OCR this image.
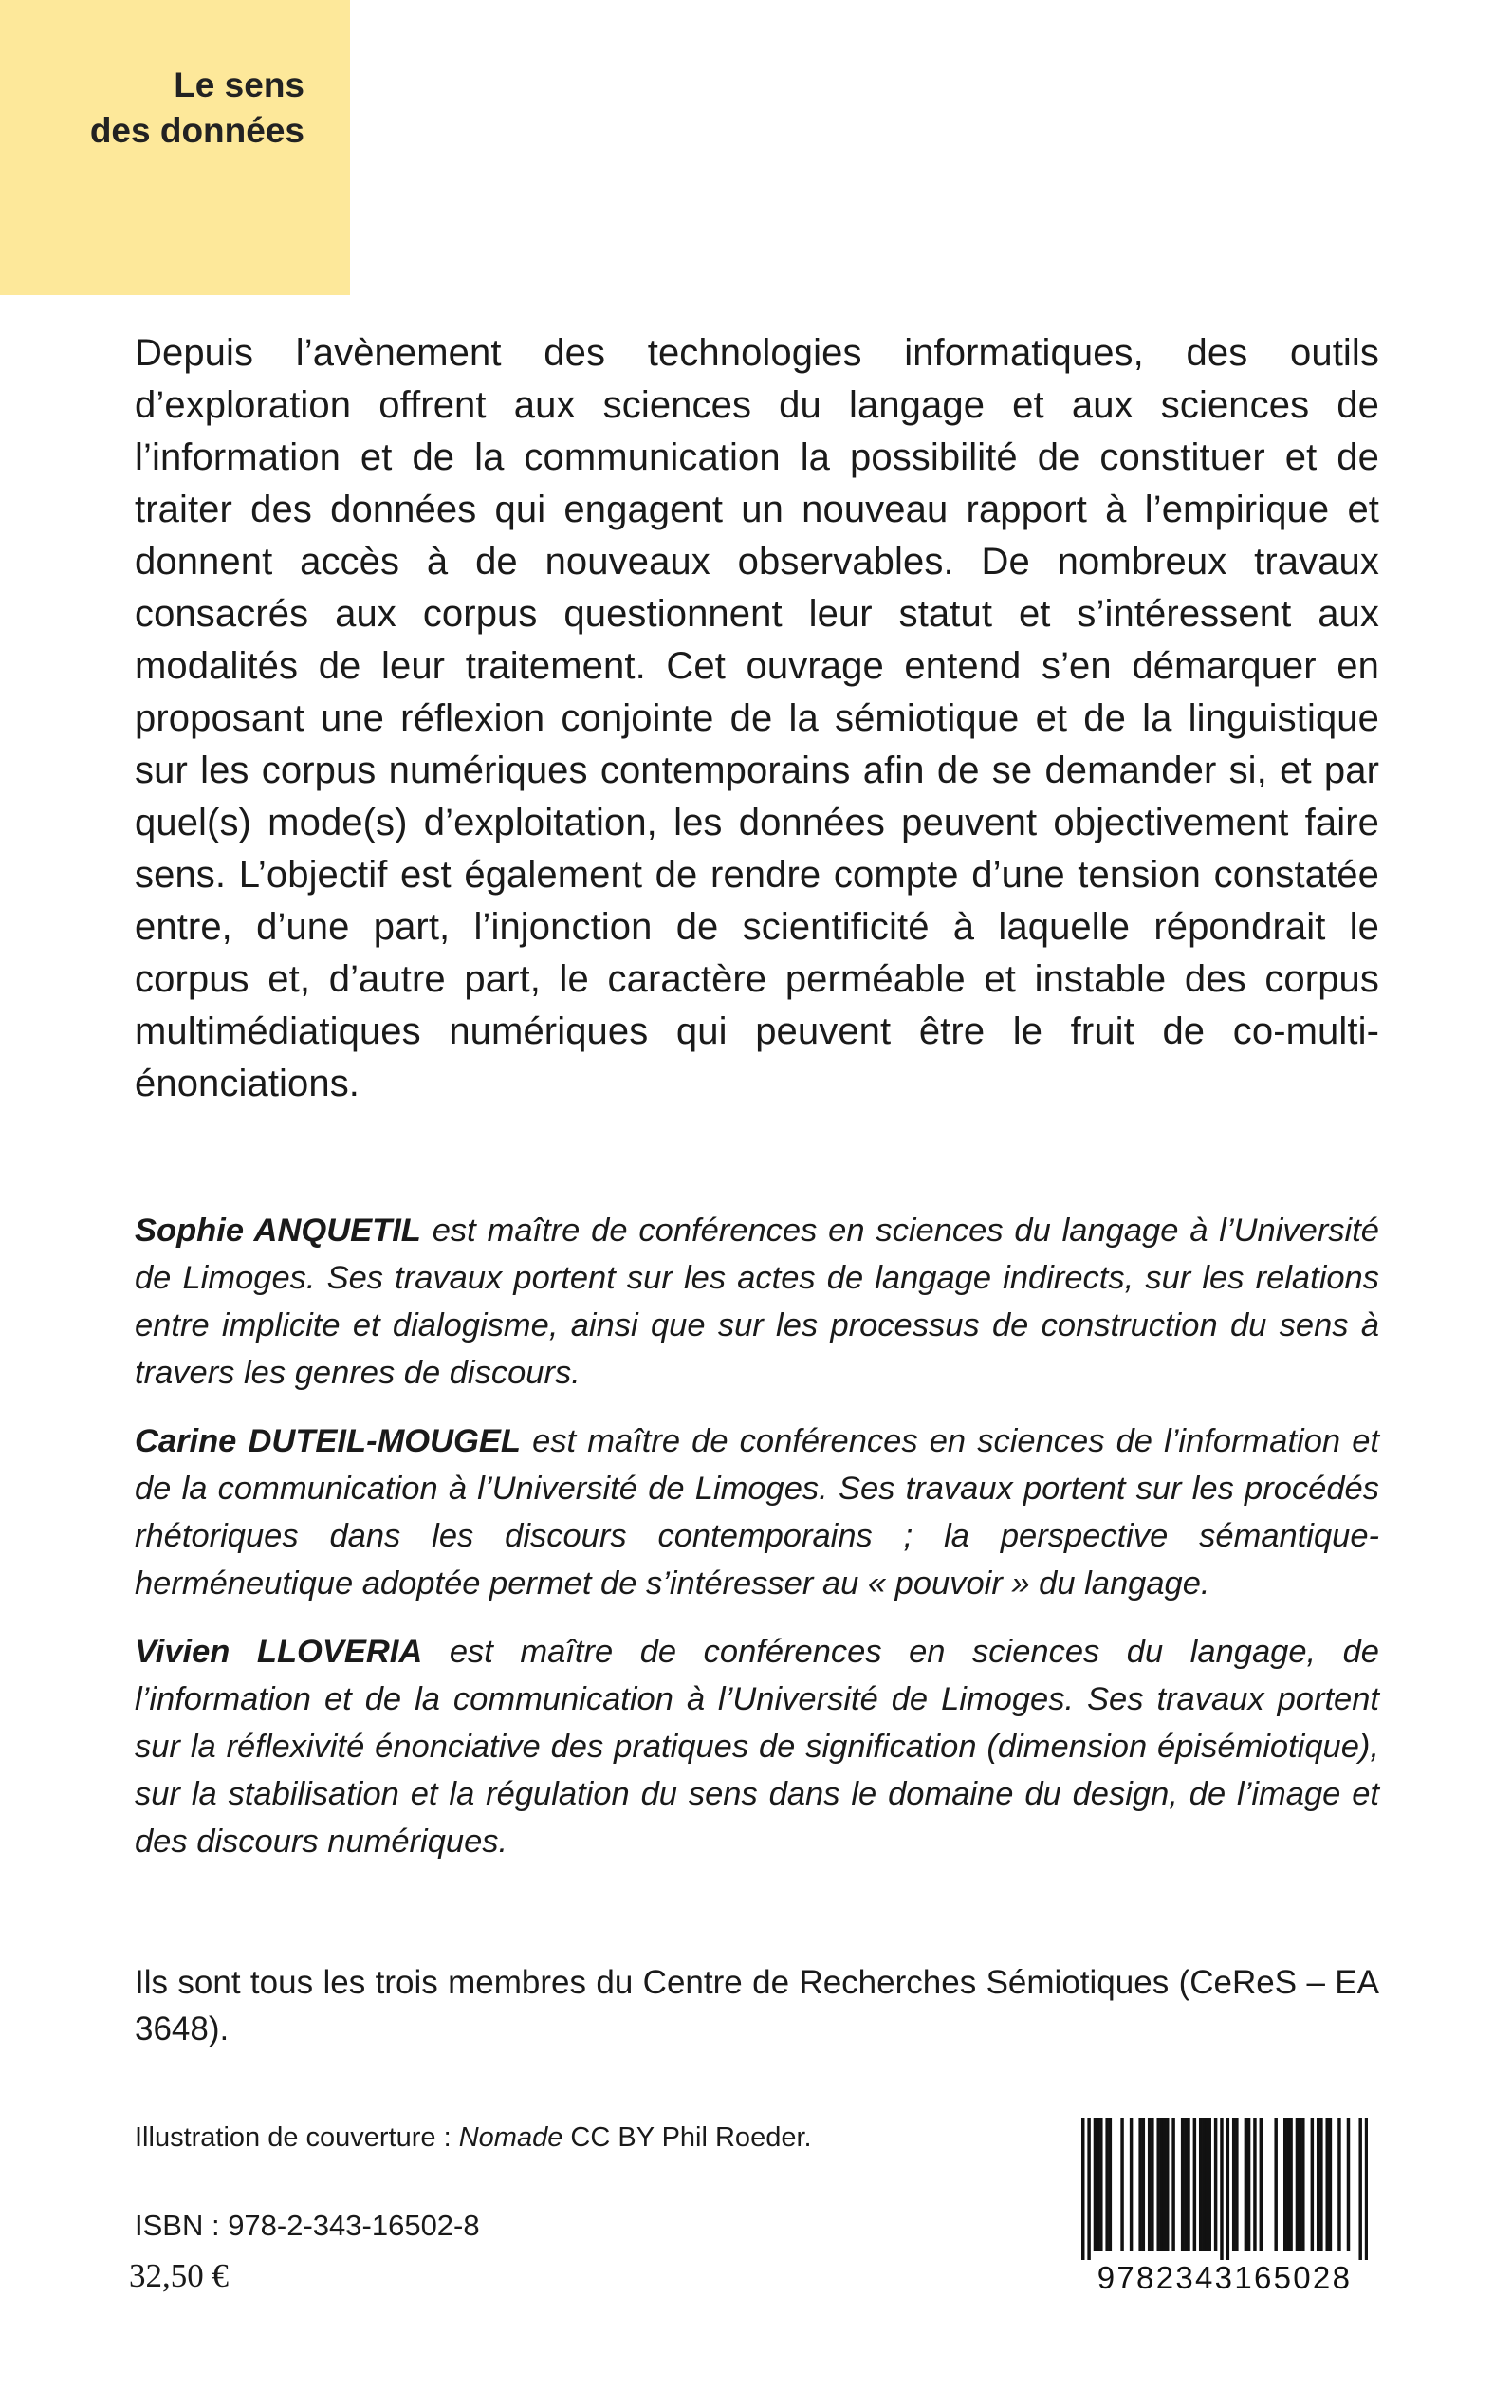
Le sens
des données

Depuis l’avènement des technologies informatiques, des outils d’exploration offrent aux sciences du langage et aux sciences de l’information et de la communication la possibilité de constituer et de traiter des données qui engagent un nouveau rapport à l’empirique et donnent accès à de nouveaux observables. De nombreux travaux consacrés aux corpus questionnent leur statut et s’intéressent aux modalités de leur traitement. Cet ouvrage entend s’en démarquer en proposant une réflexion conjointe de la sémiotique et de la linguistique sur les corpus numériques contemporains afin de se demander si, et par quel(s) mode(s) d’exploitation, les données peuvent objectivement faire sens. L’objectif est également de rendre compte d’une tension constatée entre, d’une part, l’injonction de scientificité à laquelle répondrait le corpus et, d’autre part, le caractère perméable et instable des corpus multimédiatiques numériques qui peuvent être le fruit de co-multi-énonciations.

Sophie ANQUETIL est maître de conférences en sciences du langage à l’Université de Limoges. Ses travaux portent sur les actes de langage indirects, sur les relations entre implicite et dialogisme, ainsi que sur les processus de construction du sens à travers les genres de discours.

Carine DUTEIL-MOUGEL est maître de conférences en sciences de l’information et de la communication à l’Université de Limoges. Ses travaux portent sur les procédés rhétoriques dans les discours contemporains ; la perspective sémantique-herméneutique adoptée permet de s’intéresser au « pouvoir » du langage.

Vivien LLOVERIA est maître de conférences en sciences du langage, de l’information et de la communication à l’Université de Limoges. Ses travaux portent sur la réflexivité énonciative des pratiques de signification (dimension épisémiotique), sur la stabilisation et la régulation du sens dans le domaine du design, de l’image et des discours numériques.

Ils sont tous les trois membres du Centre de Recherches Sémiotiques (CeReS – EA 3648).

Illustration de couverture : Nomade CC BY Phil Roeder.

ISBN : 978-2-343-16502-8

32,50 €	9782343165028
